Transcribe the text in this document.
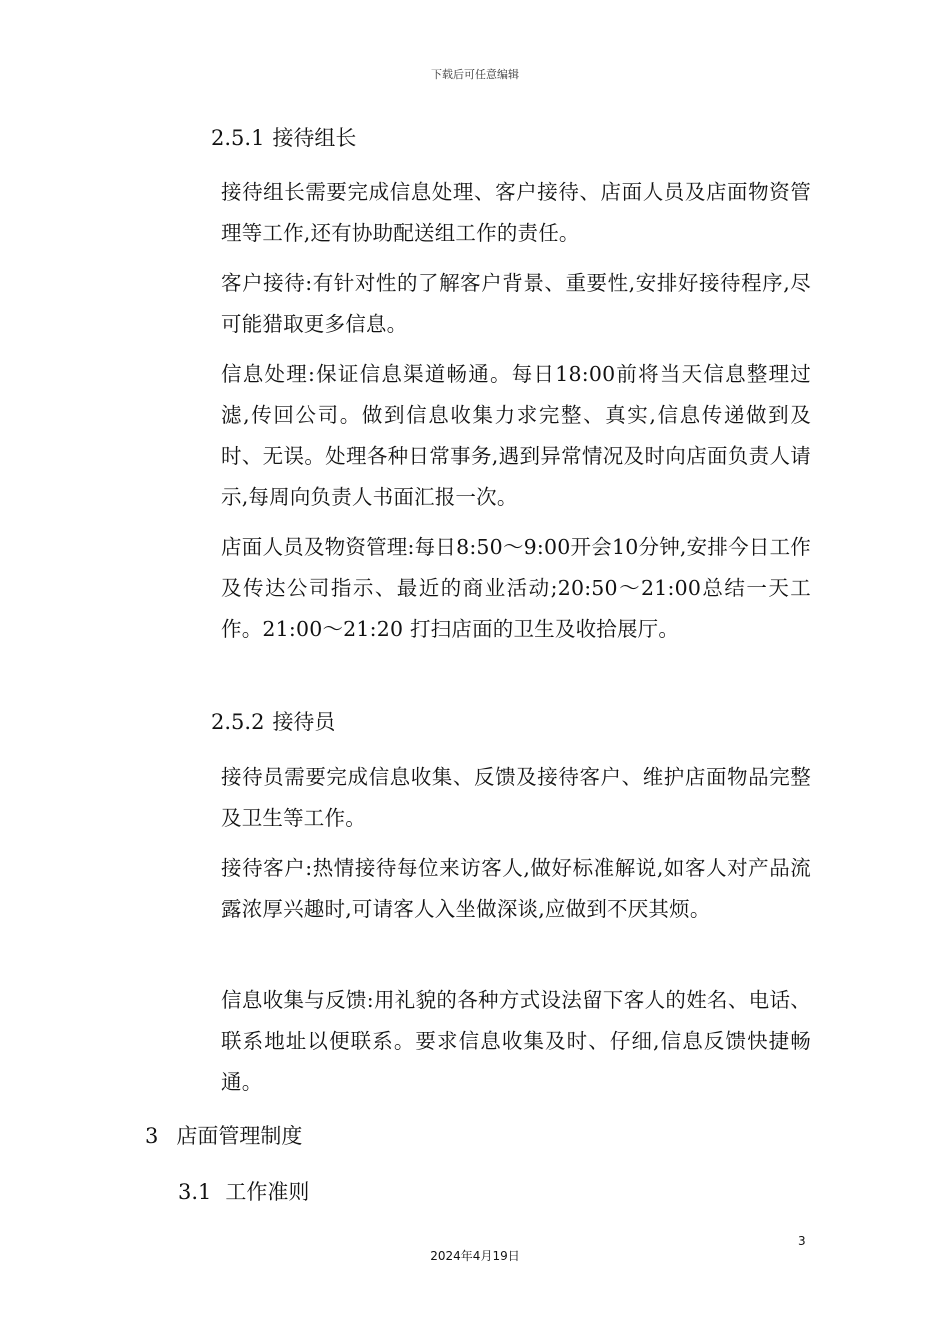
下载后可任意编辑
2.5.1 接待组长
接待组长需要完成信息处理、客户接待、店面人员及店面物资管理等工作,还有协助配送组工作的责任。
客户接待:有针对性的了解客户背景、重要性,安排好接待程序,尽可能猎取更多信息。
信息处理:保证信息渠道畅通。每日18:00前将当天信息整理过滤,传回公司。做到信息收集力求完整、真实,信息传递做到及时、无误。处理各种日常事务,遇到异常情况及时向店面负责人请示,每周向负责人书面汇报一次。
店面人员及物资管理:每日8:50～9:00开会10分钟,安排今日工作及传达公司指示、最近的商业活动;20:50～21:00总结一天工作。21:00～21:20 打扫店面的卫生及收拾展厅。
2.5.2 接待员
接待员需要完成信息收集、反馈及接待客户、维护店面物品完整及卫生等工作。
接待客户:热情接待每位来访客人,做好标准解说,如客人对产品流露浓厚兴趣时,可请客人入坐做深谈,应做到不厌其烦。
信息收集与反馈:用礼貌的各种方式设法留下客人的姓名、电话、联系地址以便联系。要求信息收集及时、仔细,信息反馈快捷畅通。
3 店面管理制度
3.1 工作准则
3
2024年4月19日
